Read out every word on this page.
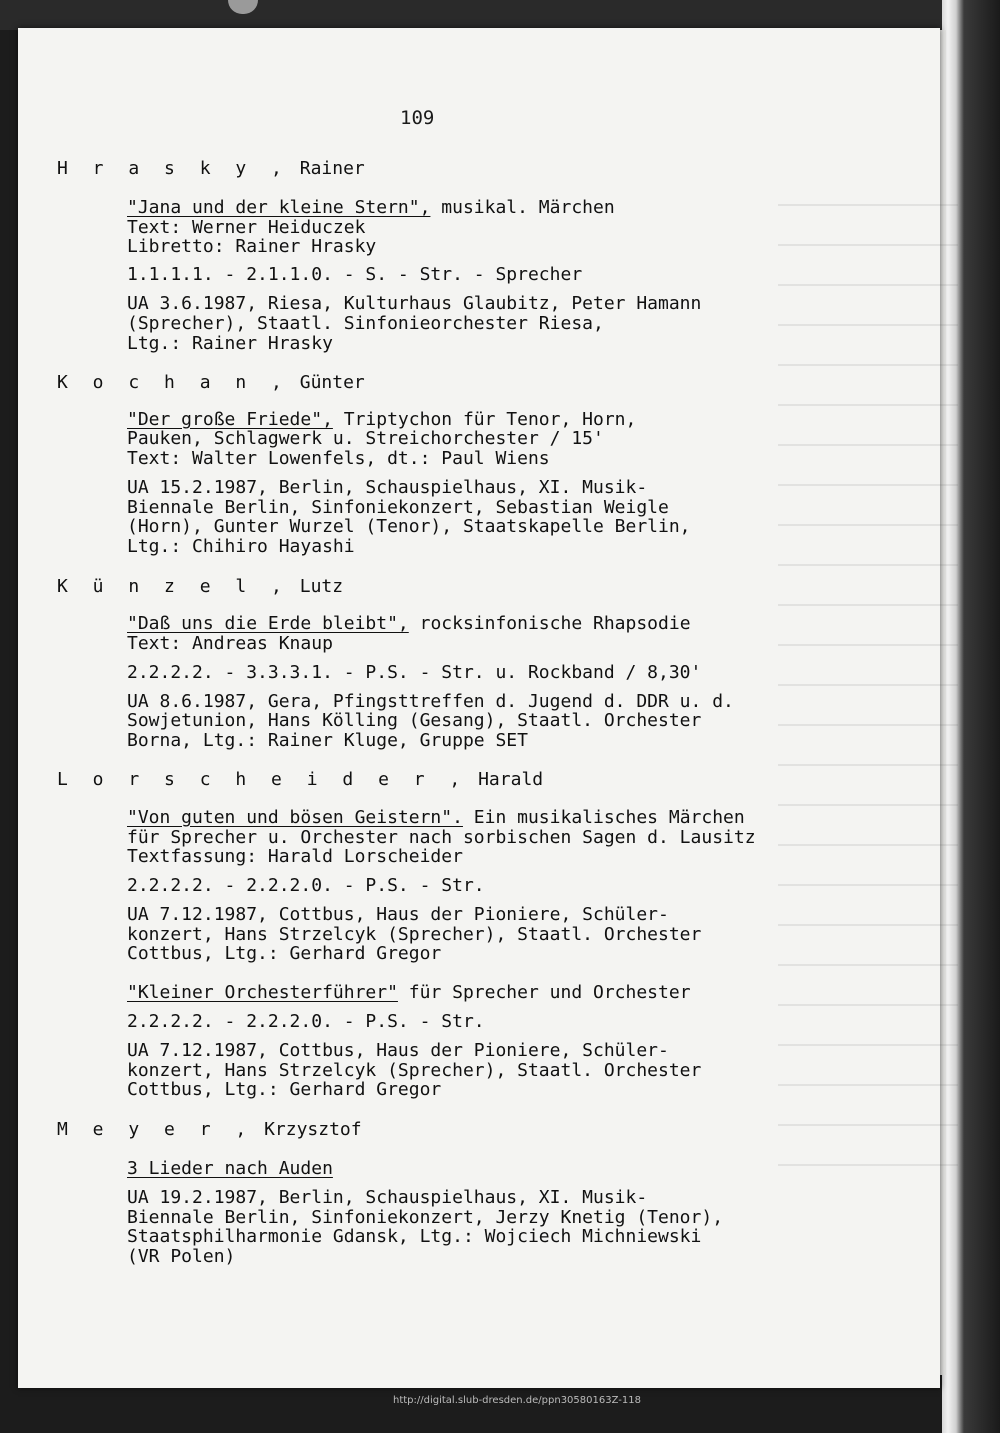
109
H r a s k y , Rainer
"Jana und der kleine Stern", musikal. Märchen
Text: Werner Heiduczek
Libretto: Rainer Hrasky
1.1.1.1. - 2.1.1.0. - S. - Str. - Sprecher
UA 3.6.1987, Riesa, Kulturhaus Glaubitz, Peter Hamann
(Sprecher), Staatl. Sinfonieorchester Riesa,
Ltg.: Rainer Hrasky
K o c h a n , Günter
"Der große Friede", Triptychon für Tenor, Horn,
Pauken, Schlagwerk u. Streichorchester / 15'
Text: Walter Lowenfels, dt.: Paul Wiens
UA 15.2.1987, Berlin, Schauspielhaus, XI. Musik-
Biennale Berlin, Sinfoniekonzert, Sebastian Weigle
(Horn), Gunter Wurzel (Tenor), Staatskapelle Berlin,
Ltg.: Chihiro Hayashi
K ü n z e l , Lutz
"Daß uns die Erde bleibt", rocksinfonische Rhapsodie
Text: Andreas Knaup
2.2.2.2. - 3.3.3.1. - P.S. - Str. u. Rockband / 8,30'
UA 8.6.1987, Gera, Pfingsttreffen d. Jugend d. DDR u. d.
Sowjetunion, Hans Kölling (Gesang), Staatl. Orchester
Borna, Ltg.: Rainer Kluge, Gruppe SET
L o r s c h e i d e r , Harald
"Von guten und bösen Geistern". Ein musikalisches Märchen
für Sprecher u. Orchester nach sorbischen Sagen d. Lausitz
Textfassung: Harald Lorscheider
2.2.2.2. - 2.2.2.0. - P.S. - Str.
UA 7.12.1987, Cottbus, Haus der Pioniere, Schüler-
konzert, Hans Strzelcyk (Sprecher), Staatl. Orchester
Cottbus, Ltg.: Gerhard Gregor
"Kleiner Orchesterführer" für Sprecher und Orchester
2.2.2.2. - 2.2.2.0. - P.S. - Str.
UA 7.12.1987, Cottbus, Haus der Pioniere, Schüler-
konzert, Hans Strzelcyk (Sprecher), Staatl. Orchester
Cottbus, Ltg.: Gerhard Gregor
M e y e r , Krzysztof
3 Lieder nach Auden
UA 19.2.1987, Berlin, Schauspielhaus, XI. Musik-
Biennale Berlin, Sinfoniekonzert, Jerzy Knetig (Tenor),
Staatsphilharmonie Gdansk, Ltg.: Wojciech Michniewski
(VR Polen)
http://digital.slub-dresden.de/ppn30580163Z-118
